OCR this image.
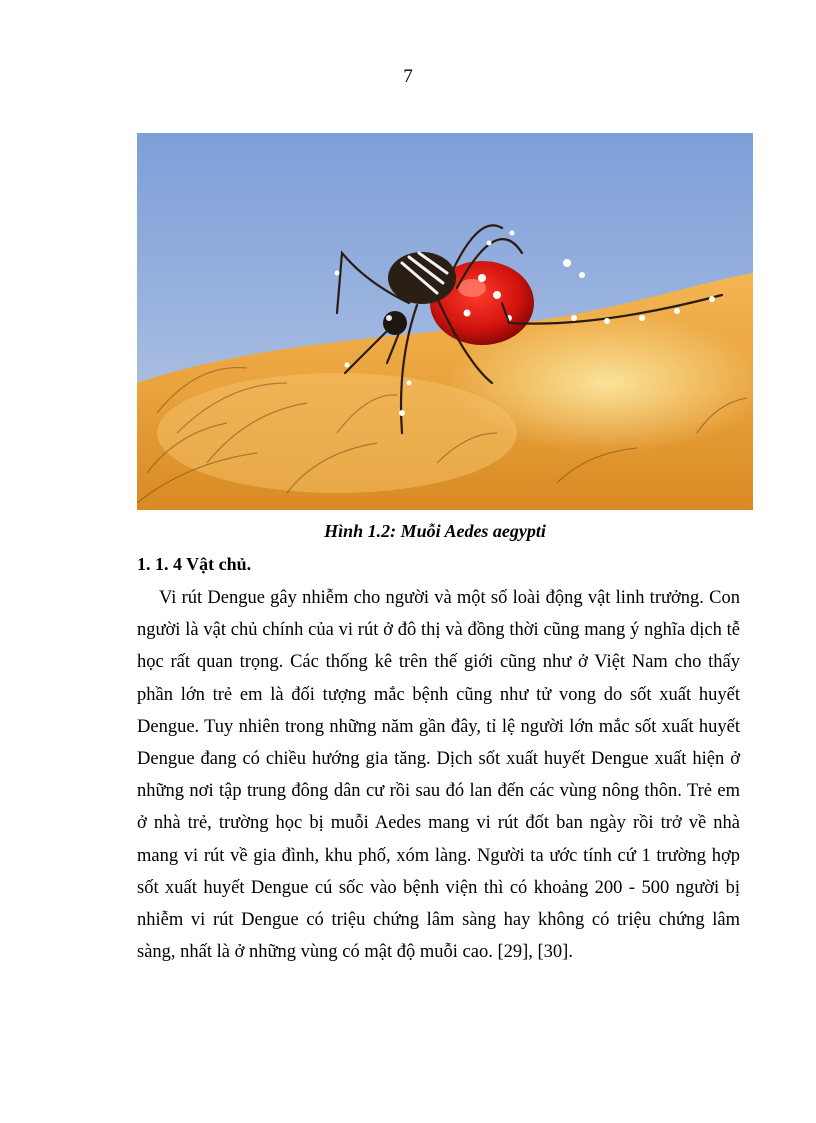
7
Hình 1.2: Muỗi Aedes aegypti
1. 1. 4 Vật chủ.

Vi rút Dengue gây nhiễm cho người và một số loài động vật linh trưởng. Con người là vật chủ chính của vi rút ở đô thị và đồng thời cũng mang ý nghĩa dịch tễ học rất quan trọng. Các thống kê trên thế giới cũng như ở Việt Nam cho thấy phần lớn trẻ em là đối tượng mắc bệnh cũng như tử vong do sốt xuất huyết Dengue. Tuy nhiên trong những năm gần đây, tỉ lệ người lớn mắc sốt xuất huyết Dengue đang có chiều hướng gia tăng. Dịch sốt xuất huyết Dengue xuất hiện ở những nơi tập trung đông dân cư rồi sau đó lan đến các vùng nông thôn. Trẻ em ở nhà trẻ, trường học bị muỗi Aedes mang vi rút đốt ban ngày rồi trở về nhà mang vi rút về gia đình, khu phố, xóm làng. Người ta ước tính cứ 1 trường hợp sốt xuất huyết Dengue cú sốc vào bệnh viện thì có khoảng 200 - 500 người bị nhiễm vi rút Dengue có triệu chứng lâm sàng hay không có triệu chứng lâm sàng, nhất là ở những vùng có mật độ muỗi cao. [29], [30].
